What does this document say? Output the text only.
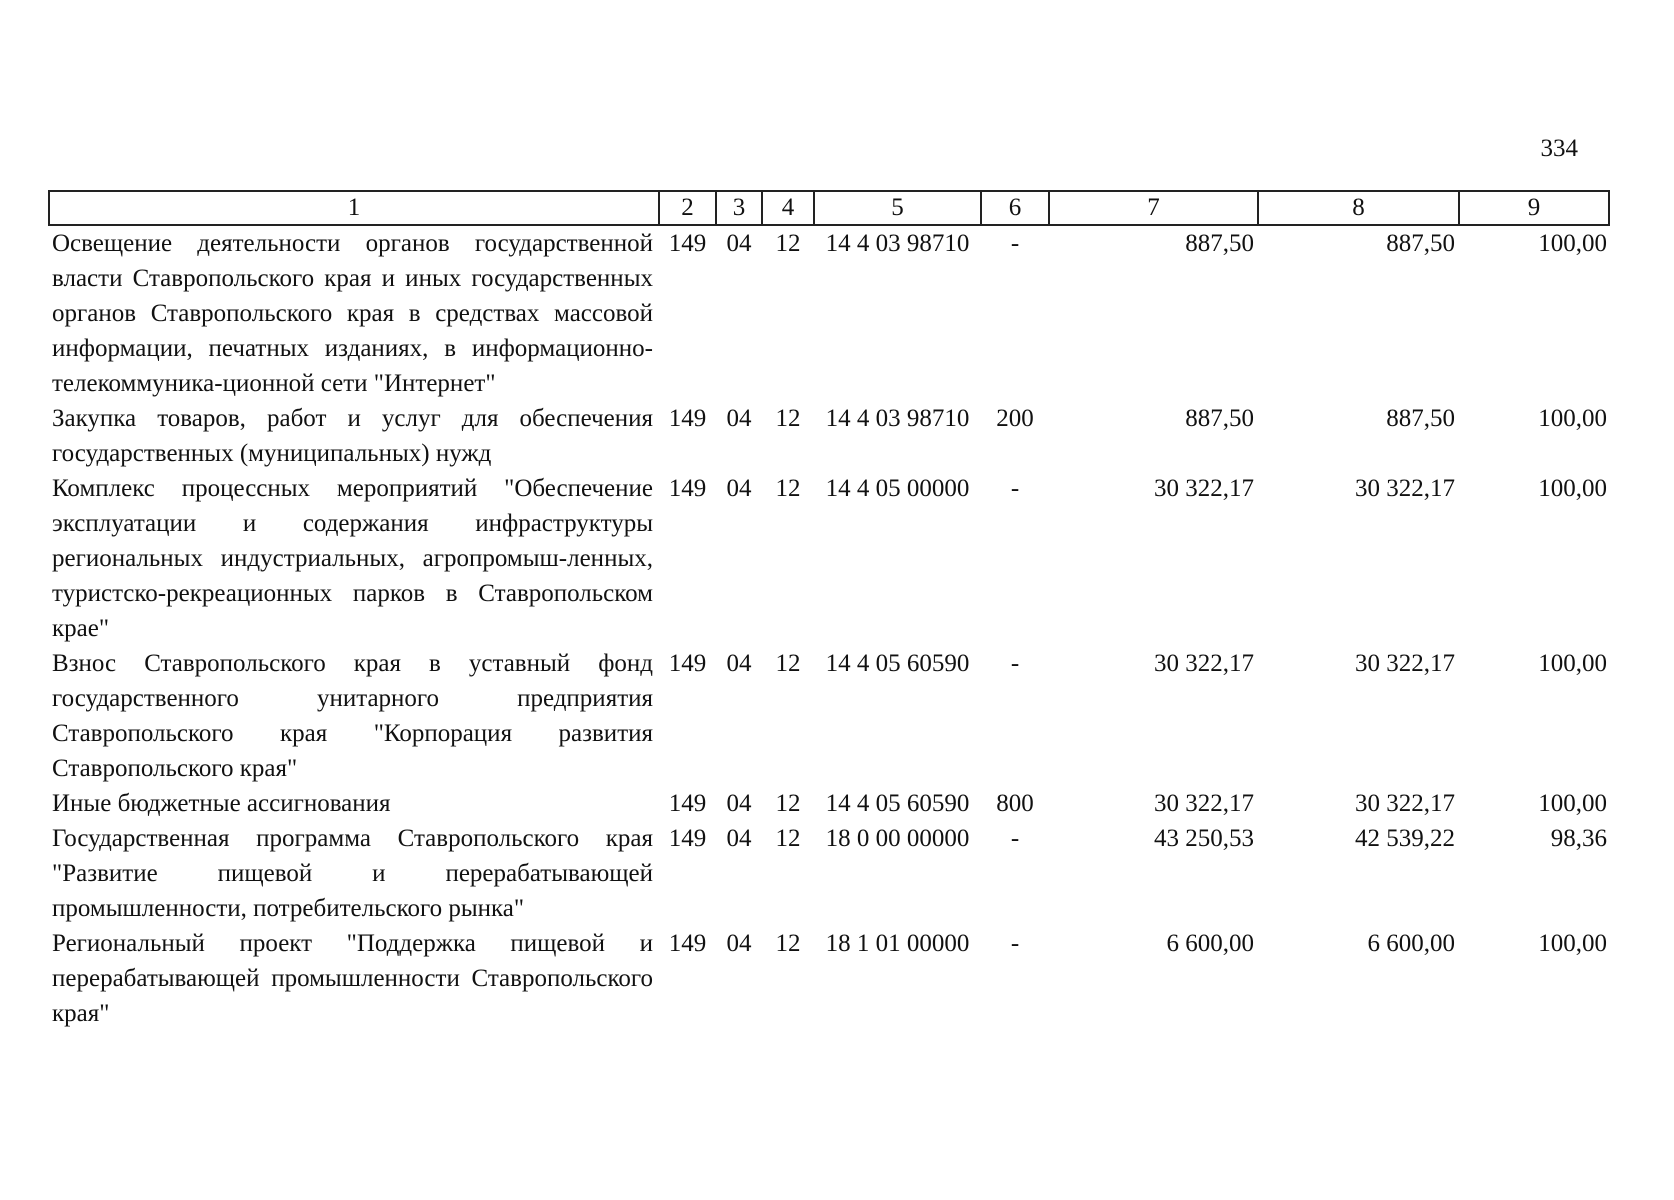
334
1	2	3	4	5	6	7	8	9
Освещение деятельности органов государственной власти Ставропольского края и иных государственных органов Ставропольского края в средствах массовой информации, печатных изданиях, в информационно-телекоммуника-ционной сети "Интернет"	149	04	12	14 4 03 98710	-	887,50	887,50	100,00
Закупка товаров, работ и услуг для обеспечения государственных (муниципальных) нужд	149	04	12	14 4 03 98710	200	887,50	887,50	100,00
Комплекс процессных мероприятий "Обеспечение эксплуатации и содержания инфраструктуры региональных индустриальных, агропромыш-ленных, туристско-рекреационных парков в Ставропольском крае"	149	04	12	14 4 05 00000	-	30 322,17	30 322,17	100,00
Взнос Ставропольского края в уставный фонд государственного унитарного предприятия Ставропольского края "Корпорация развития Ставропольского края"	149	04	12	14 4 05 60590	-	30 322,17	30 322,17	100,00
Иные бюджетные ассигнования	149	04	12	14 4 05 60590	800	30 322,17	30 322,17	100,00
Государственная программа Ставропольского края "Развитие пищевой и перерабатывающей промышленности, потребительского рынка"	149	04	12	18 0 00 00000	-	43 250,53	42 539,22	98,36
Региональный проект "Поддержка пищевой и перерабатывающей промышленности Ставропольского края"	149	04	12	18 1 01 00000	-	6 600,00	6 600,00	100,00
